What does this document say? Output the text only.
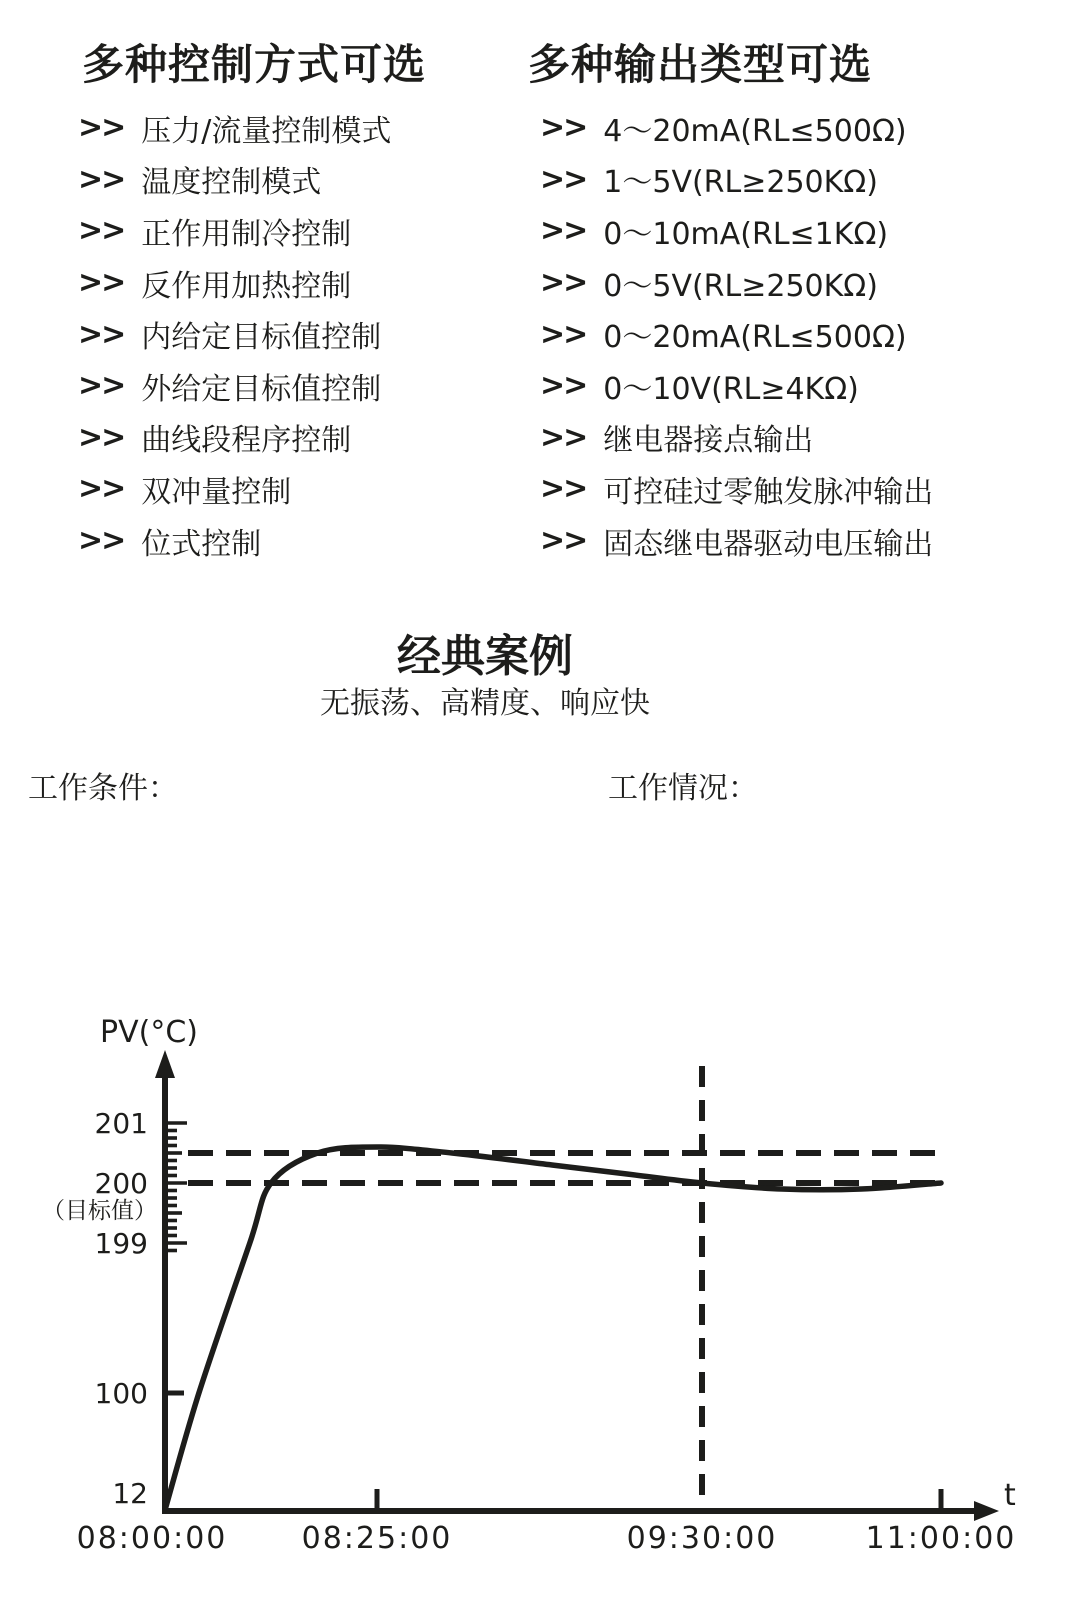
多种控制方式可选 多种输出类型可选
>> 压力/流量控制模式
>> 温度控制模式
>> 正作用制冷控制
>> 反作用加热控制
>> 内给定目标值控制
>> 外给定目标值控制
>> 曲线段程序控制
>> 双冲量控制
>> 位式控制
>> 4～20mA(RL≤500Ω)
>> 1～5V(RL≥250KΩ)
>> 0～10mA(RL≤1KΩ)
>> 0～5V(RL≥250KΩ)
>> 0～20mA(RL≤500Ω)
>> 0～10V(RL≥4KΩ)
>> 继电器接点输出
>> 可控硅过零触发脉冲输出
>> 固态继电器驱动电压输出
经典案例
无振荡、高精度、响应快
工作条件：	工作情况：
PV(°C)
201
200
199
100
12
（目标值）
08:00:00 08:25:00	09:30:00	11:00:00
t
